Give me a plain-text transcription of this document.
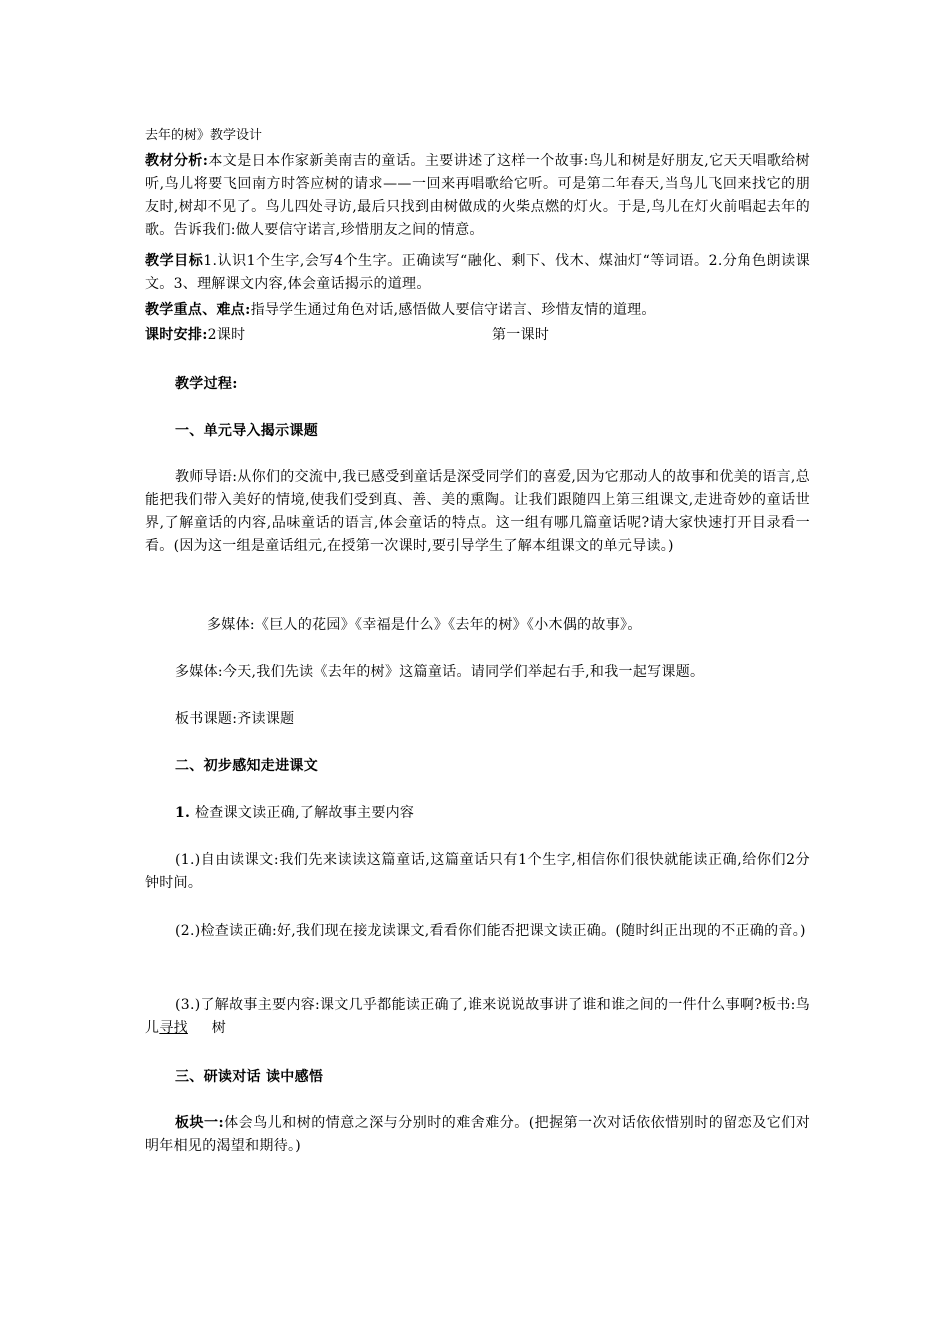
去年的树》教学设计
教材分析:本文是日本作家新美南吉的童话。主要讲述了这样一个故事:鸟儿和树是好朋友,它天天唱歌给树听,鸟儿将要飞回南方时答应树的请求——一回来再唱歌给它听。可是第二年春天,当鸟儿飞回来找它的朋友时,树却不见了。鸟儿四处寻访,最后只找到由树做成的火柴点燃的灯火。于是,鸟儿在灯火前唱起去年的歌。告诉我们:做人要信守诺言,珍惜朋友之间的情意。
教学目标1.认识1个生字,会写4个生字。正确读写“融化、剩下、伐木、煤油灯“等词语。2.分角色朗读课文。3、理解课文内容,体会童话揭示的道理。
教学重点、难点:指导学生通过角色对话,感悟做人要信守诺言、珍惜友情的道理。
课时安排:2课时	第一课时
教学过程:
一、单元导入揭示课题
教师导语:从你们的交流中,我已感受到童话是深受同学们的喜爱,因为它那动人的故事和优美的语言,总能把我们带入美好的情境,使我们受到真、善、美的熏陶。让我们跟随四上第三组课文,走进奇妙的童话世界,了解童话的内容,品味童话的语言,体会童话的特点。这一组有哪几篇童话呢?请大家快速打开目录看一看。(因为这一组是童话组元,在授第一次课时,要引导学生了解本组课文的单元导读。)
多媒体:《巨人的花园》《幸福是什么》《去年的树》《小木偶的故事》。
多媒体:今天,我们先读《去年的树》这篇童话。请同学们举起右手,和我一起写课题。
板书课题:齐读课题
二、初步感知走进课文
1. 检查课文读正确,了解故事主要内容
(1.)自由读课文:我们先来读读这篇童话,这篇童话只有1个生字,相信你们很快就能读正确,给你们2分钟时间。
(2.)检查读正确:好,我们现在接龙读课文,看看你们能否把课文读正确。(随时纠正出现的不正确的音。)
(3.)了解故事主要内容:课文几乎都能读正确了,谁来说说故事讲了谁和谁之间的一件什么事啊?板书:鸟儿寻找 树
三、研读对话 读中感悟
板块一:体会鸟儿和树的情意之深与分别时的难舍难分。(把握第一次对话依依惜别时的留恋及它们对明年相见的渴望和期待。)
